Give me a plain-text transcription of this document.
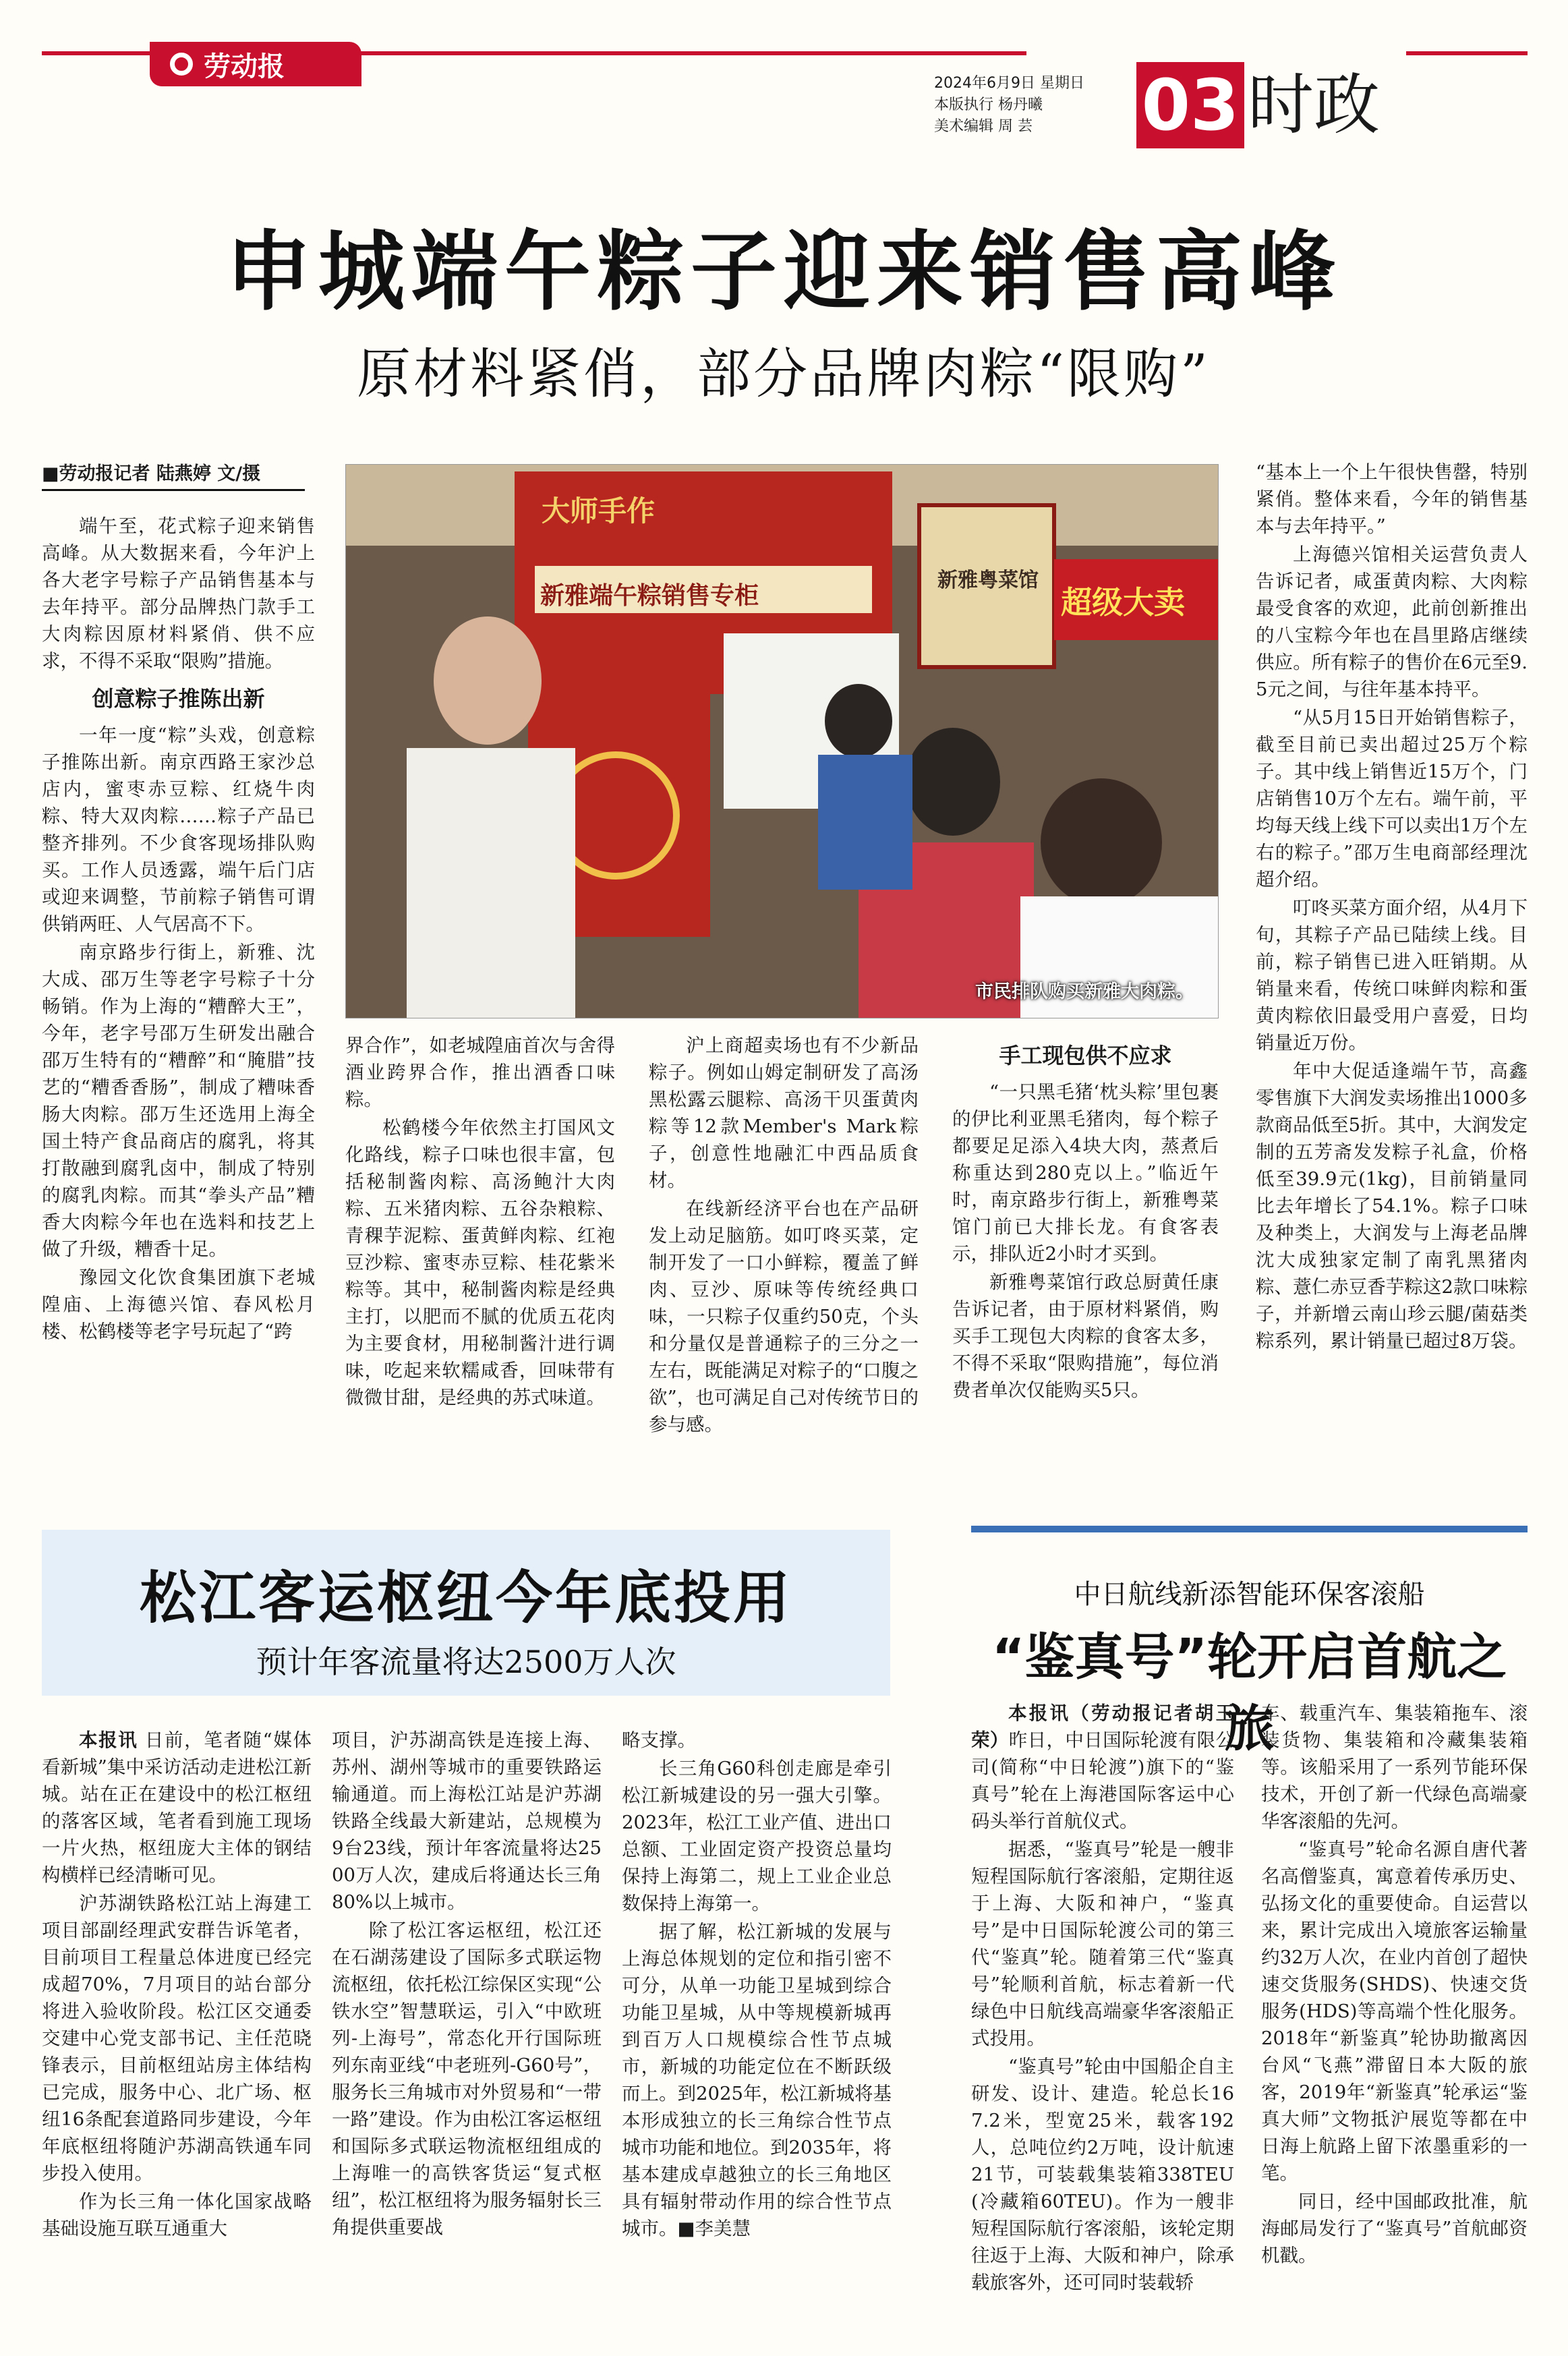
劳动报
2024年6月9日 星期日
本版执行 杨丹曦
美术编辑 周 芸	03 时政
申城端午粽子迎来销售高峰
原材料紧俏，部分品牌肉粽“限购”
■劳动报记者 陆燕婷 文/摄
大师手作
新雅端午粽销售专柜
新雅粤菜馆
超级大卖
市民排队购买新雅大肉粽。

端午至，花式粽子迎来销售高峰。从大数据来看，今年沪上各大老字号粽子产品销售基本与去年持平。部分品牌热门款手工大肉粽因原材料紧俏、供不应求，不得不采取“限购”措施。

创意粽子推陈出新

一年一度“粽”头戏，创意粽子推陈出新。南京西路王家沙总店内，蜜枣赤豆粽、红烧牛肉粽、特大双肉粽……粽子产品已整齐排列。不少食客现场排队购买。工作人员透露，端午后门店或迎来调整，节前粽子销售可谓供销两旺、人气居高不下。

南京路步行街上，新雅、沈大成、邵万生等老字号粽子十分畅销。作为上海的“糟醉大王”，今年，老字号邵万生研发出融合邵万生特有的“糟醉”和“腌腊”技艺的“糟香香肠”，制成了糟味香肠大肉粽。邵万生还选用上海全国土特产食品商店的腐乳，将其打散融到腐乳卤中，制成了特别的腐乳肉粽。而其“拳头产品”糟香大肉粽今年也在选料和技艺上做了升级，糟香十足。

豫园文化饮食集团旗下老城隍庙、上海德兴馆、春风松月楼、松鹤楼等老字号玩起了“跨

界合作”，如老城隍庙首次与舍得酒业跨界合作，推出酒香口味粽。

松鹤楼今年依然主打国风文化路线，粽子口味也很丰富，包括秘制酱肉粽、高汤鲍汁大肉粽、五米猪肉粽、五谷杂粮粽、青稞芋泥粽、蛋黄鲜肉粽、红袍豆沙粽、蜜枣赤豆粽、桂花紫米粽等。其中，秘制酱肉粽是经典主打，以肥而不腻的优质五花肉为主要食材，用秘制酱汁进行调味，吃起来软糯咸香，回味带有微微甘甜，是经典的苏式味道。

沪上商超卖场也有不少新品粽子。例如山姆定制研发了高汤黑松露云腿粽、高汤干贝蛋黄肉粽等12款Member's Mark粽子，创意性地融汇中西品质食材。

在线新经济平台也在产品研发上动足脑筋。如叮咚买菜，定制开发了一口小鲜粽，覆盖了鲜肉、豆沙、原味等传统经典口味，一只粽子仅重约50克，个头和分量仅是普通粽子的三分之一左右，既能满足对粽子的“口腹之欲”，也可满足自己对传统节日的参与感。

手工现包供不应求

“一只黑毛猪‘枕头粽’里包裹的伊比利亚黑毛猪肉，每个粽子都要足足添入4块大肉，蒸煮后称重达到280克以上。”临近午时，南京路步行街上，新雅粤菜馆门前已大排长龙。有食客表示，排队近2小时才买到。

新雅粤菜馆行政总厨黄任康告诉记者，由于原材料紧俏，购买手工现包大肉粽的食客太多，不得不采取“限购措施”，每位消费者单次仅能购买5只。

“基本上一个上午很快售罄，特别紧俏。整体来看，今年的销售基本与去年持平。”

上海德兴馆相关运营负责人告诉记者，咸蛋黄肉粽、大肉粽最受食客的欢迎，此前创新推出的八宝粽今年也在昌里路店继续供应。所有粽子的售价在6元至9.5元之间，与往年基本持平。

“从5月15日开始销售粽子，截至目前已卖出超过25万个粽子。其中线上销售近15万个，门店销售10万个左右。端午前，平均每天线上线下可以卖出1万个左右的粽子。”邵万生电商部经理沈超介绍。

叮咚买菜方面介绍，从4月下旬，其粽子产品已陆续上线。目前，粽子销售已进入旺销期。从销量来看，传统口味鲜肉粽和蛋黄肉粽依旧最受用户喜爱，日均销量近万份。

年中大促适逢端午节，高鑫零售旗下大润发卖场推出1000多款商品低至5折。其中，大润发定制的五芳斋发发粽子礼盒，价格低至39.9元(1kg)，目前销量同比去年增长了54.1%。粽子口味及种类上，大润发与上海老品牌沈大成独家定制了南乳黑猪肉粽、薏仁赤豆香芋粽这2款口味粽子，并新增云南山珍云腿/菌菇类粽系列，累计销量已超过8万袋。

松江客运枢纽今年底投用
预计年客流量将达2500万人次

本报讯 日前，笔者随“媒体看新城”集中采访活动走进松江新城。站在正在建设中的松江枢纽的落客区域，笔者看到施工现场一片火热，枢纽庞大主体的钢结构横样已经清晰可见。

沪苏湖铁路松江站上海建工项目部副经理武安群告诉笔者，目前项目工程量总体进度已经完成超70%，7月项目的站台部分将进入验收阶段。松江区交通委交建中心党支部书记、主任范晓锋表示，目前枢纽站房主体结构已完成，服务中心、北广场、枢纽16条配套道路同步建设，今年年底枢纽将随沪苏湖高铁通车同步投入使用。

作为长三角一体化国家战略基础设施互联互通重大

项目，沪苏湖高铁是连接上海、苏州、湖州等城市的重要铁路运输通道。而上海松江站是沪苏湖铁路全线最大新建站，总规模为9台23线，预计年客流量将达2500万人次，建成后将通达长三角80%以上城市。

除了松江客运枢纽，松江还在石湖荡建设了国际多式联运物流枢纽，依托松江综保区实现“公铁水空”智慧联运，引入“中欧班列-上海号”，常态化开行国际班列东南亚线“中老班列-G60号”，服务长三角城市对外贸易和“一带一路”建设。作为由松江客运枢纽和国际多式联运物流枢纽组成的上海唯一的高铁客货运“复式枢纽”，松江枢纽将为服务辐射长三角提供重要战

略支撑。

长三角G60科创走廊是牵引松江新城建设的另一强大引擎。2023年，松江工业产值、进出口总额、工业固定资产投资总量均保持上海第二，规上工业企业总数保持上海第一。

据了解，松江新城的发展与上海总体规划的定位和指引密不可分，从单一功能卫星城到综合功能卫星城，从中等规模新城再到百万人口规模综合性节点城市，新城的功能定位在不断跃级而上。到2025年，松江新城将基本形成独立的长三角综合性节点城市功能和地位。到2035年，将基本建成卓越独立的长三角地区具有辐射带动作用的综合性节点城市。■李美慧

中日航线新添智能环保客滚船
“鉴真号”轮开启首航之旅

本报讯（劳动报记者胡玉荣）昨日，中日国际轮渡有限公司(简称“中日轮渡”)旗下的“鉴真号”轮在上海港国际客运中心码头举行首航仪式。

据悉，“鉴真号”轮是一艘非短程国际航行客滚船，定期往返于上海、大阪和神户，“鉴真号”是中日国际轮渡公司的第三代“鉴真”轮。随着第三代“鉴真号”轮顺利首航，标志着新一代绿色中日航线高端豪华客滚船正式投用。

“鉴真号”轮由中国船企自主研发、设计、建造。轮总长167.2米，型宽25米，载客192人，总吨位约2万吨，设计航速21节，可装载集装箱338TEU(冷藏箱60TEU)。作为一艘非短程国际航行客滚船，该轮定期往返于上海、大阪和神户，除承载旅客外，还可同时装载轿

车、载重汽车、集装箱拖车、滚装货物、集装箱和冷藏集装箱等。该船采用了一系列节能环保技术，开创了新一代绿色高端豪华客滚船的先河。

“鉴真号”轮命名源自唐代著名高僧鉴真，寓意着传承历史、弘扬文化的重要使命。自运营以来，累计完成出入境旅客运输量约32万人次，在业内首创了超快速交货服务(SHDS)、快速交货服务(HDS)等高端个性化服务。2018年“新鉴真”轮协助撤离因台风“飞燕”滞留日本大阪的旅客，2019年“新鉴真”轮承运“鉴真大师”文物抵沪展览等都在中日海上航路上留下浓墨重彩的一笔。

同日，经中国邮政批准，航海邮局发行了“鉴真号”首航邮资机戳。
